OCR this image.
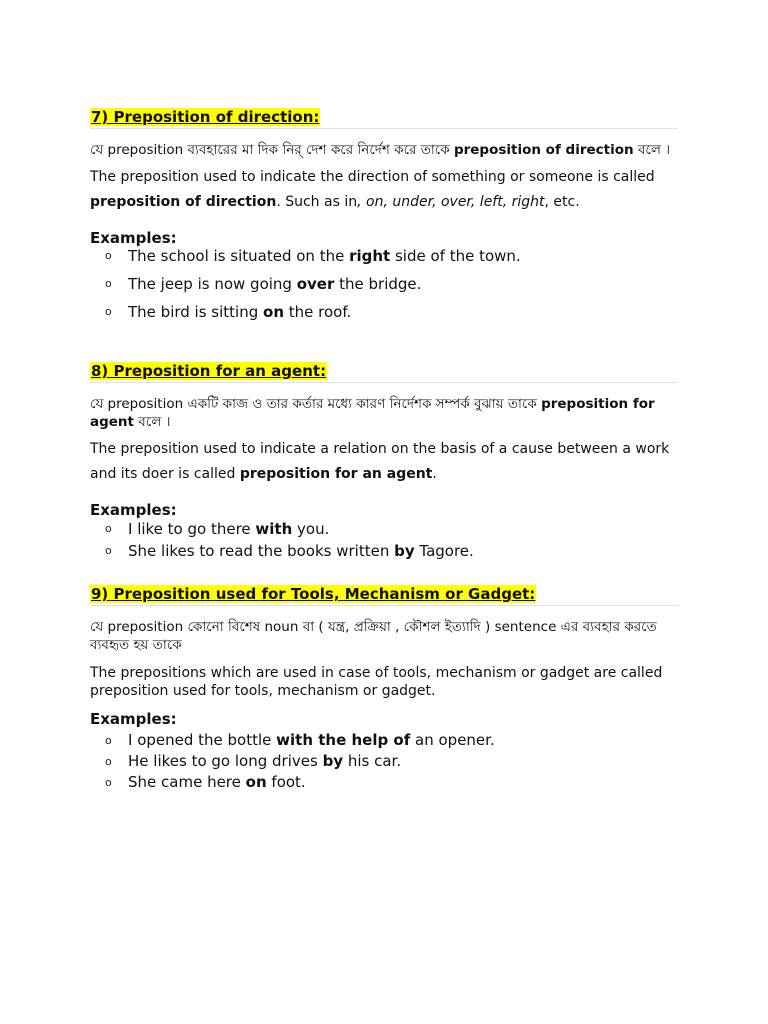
7) Preposition of direction:
যে preposition ব্যবহারের মা দিক নির্ দেশ করে নির্দেশ করে তাকে preposition of direction বলে ।
The preposition used to indicate the direction of something or someone is called preposition of direction. Such as in, on, under, over, left, right, etc.
Examples:
o The school is situated on the right side of the town.
o The jeep is now going over the bridge.
o The bird is sitting on the roof.
8) Preposition for an agent:
যে preposition একটি কাজ ও তার কর্তার মধ্যে কারণ নির্দেশক সম্পর্ক বুঝায় তাকে preposition for agent বলে ।
The preposition used to indicate a relation on the basis of a cause between a work and its doer is called preposition for an agent.
Examples:
o I like to go there with you.
o She likes to read the books written by Tagore.
9) Preposition used for Tools, Mechanism or Gadget:
যে preposition কোনো বিশেষ noun বা ( যন্ত্র, প্রক্রিয়া , কৌশল ইত্যাদি ) sentence এর ব্যবহার করতে ব্যবহৃত হয় তাকে
The prepositions which are used in case of tools, mechanism or gadget are called preposition used for tools, mechanism or gadget.
Examples:
o I opened the bottle with the help of an opener.
o He likes to go long drives by his car.
o She came here on foot.
